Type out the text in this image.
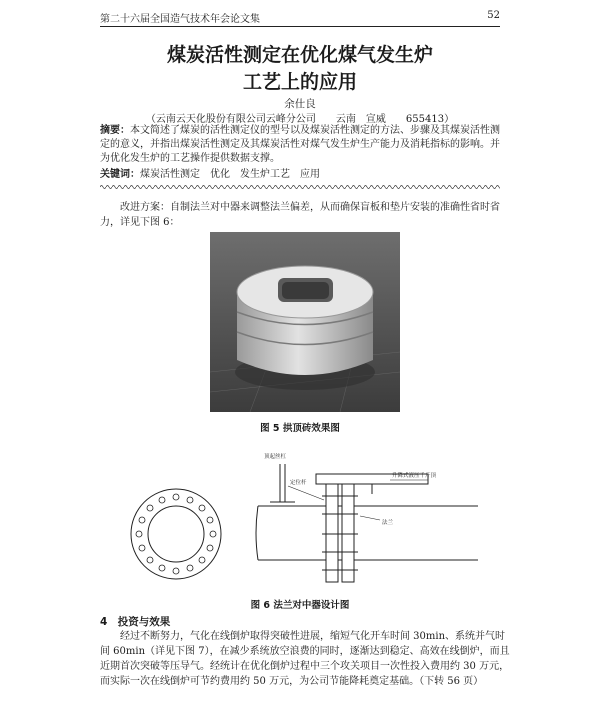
第二十六届全国造气技术年会论文集	52
煤炭活性测定在优化煤气发生炉
工艺上的应用
余仕良
（云南云天化股份有限公司云峰分公司　　云南　宣威　　655413）
摘要：本文简述了煤炭的活性测定仪的型号以及煤炭活性测定的方法、步骤及其煤炭活性测定的意义，并指出煤炭活性测定及其煤炭活性对煤气发生炉生产能力及消耗指标的影响。并为优化发生炉的工艺操作提供数据支撑。
关键词：煤炭活性测定　优化　发生炉工艺　应用
改进方案：自制法兰对中器来调整法兰偏差，从而确保盲板和垫片安装的准确性省时省力，详见下图 6：
图 5 拱顶砖效果图
顶起丝杠
定位杆
升降式液压千斤顶
法兰
图 6 法兰对中器设计图
4　投资与效果
经过不断努力，气化在线倒炉取得突破性进展，缩短气化开车时间 30min、系统并气时
间 60min（详见下图 7），在减少系统放空浪费的同时，逐渐达到稳定、高效在线倒炉，而且
近期首次突破等压导气。经统计在优化倒炉过程中三个攻关项目一次性投入费用约 30 万元，
而实际一次在线倒炉可节约费用约 50 万元，为公司节能降耗奠定基础。（下转 56 页）
